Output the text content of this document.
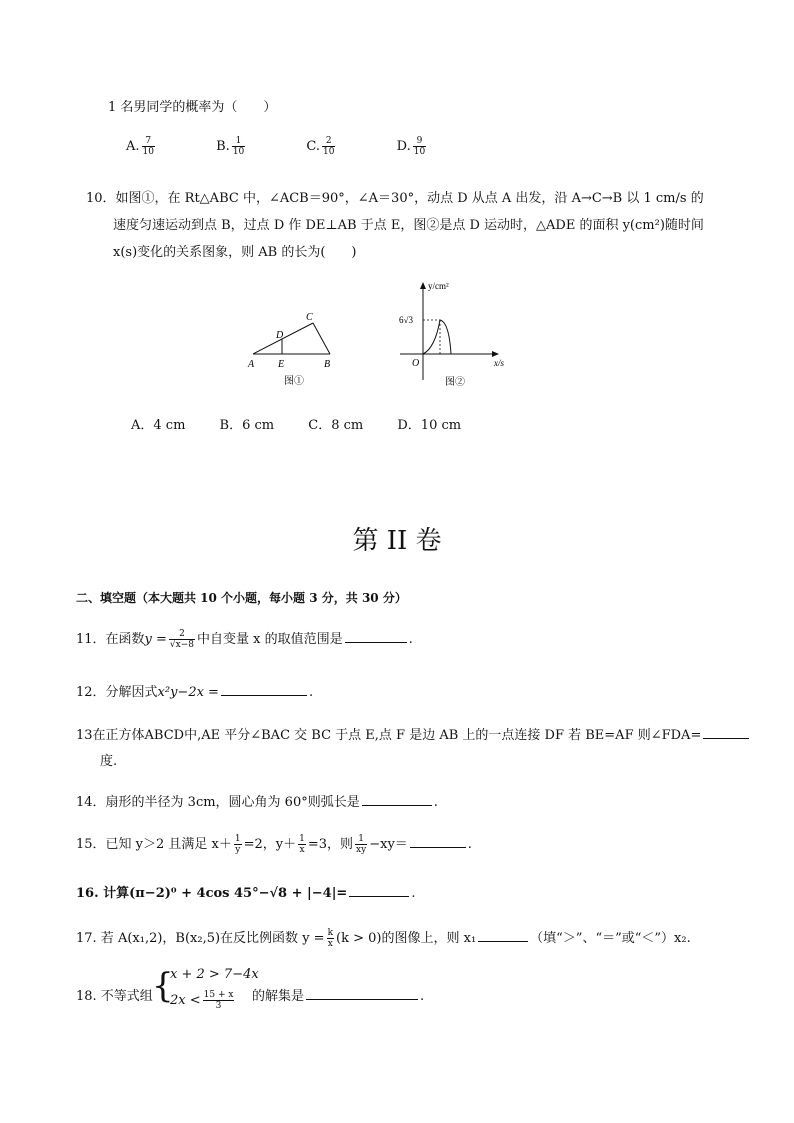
1 名男同学的概率为（　　）
A. $\frac{7}{10}$	B. $\frac{1}{10}$	C. $\frac{2}{10}$	D. $\frac{9}{10}$
10．如图①，在 Rt△ABC 中，∠ACB＝90°，∠A＝30°，动点 D 从点 A 出发，沿 A→C→B 以 1 cm/s 的
速度匀速运动到点 B，过点 D 作 DE⊥AB 于点 E，图②是点 D 运动时，△ADE 的面积 y(cm²)随时间
x(s)变化的关系图象，则 AB 的长为(　　)
A	B
C
D
E
图①
y/cm²
x/s
O
6√3
图②
A．4 cm	B．6 cm	C．8 cm	D．10 cm
第 II 卷
二、填空题（本大题共 10 个小题，每小题 3 分，共 30 分）
11．在函数$y = \frac{2}{√x-8}$ 中自变量 x 的取值范围是	.
12．分解因式x²y−2x =	.
13在正方体ABCD中,AE 平分∠BAC 交 BC 于点 E,点 F 是边 AB 上的一点连接 DF 若 BE=AF 则∠FDA=
度.
14．扇形的半径为 3cm，圆心角为 60°则弧长是	.
15．已知 y＞2 且满足 $x+ \frac{1}{y} =2$，$y+ \frac{1}{x} =3$，则 $\frac{1}{xy} -xy=$	.
16. 计算(π−2)⁰ + 4cos 45°−√8 + |−4|=	.
17. 若 A(x₁,2)，B(x₂,5)在反比例函数 $y = \frac{k}{x} (k > 0)$的图像上，则 x₁	（填“＞”、“＝”或“＜”）x₂.
18. 不等式组 {
x + 2 > 7−4x
$2x < \frac{15 + x}{3}$ 的解集是	.
